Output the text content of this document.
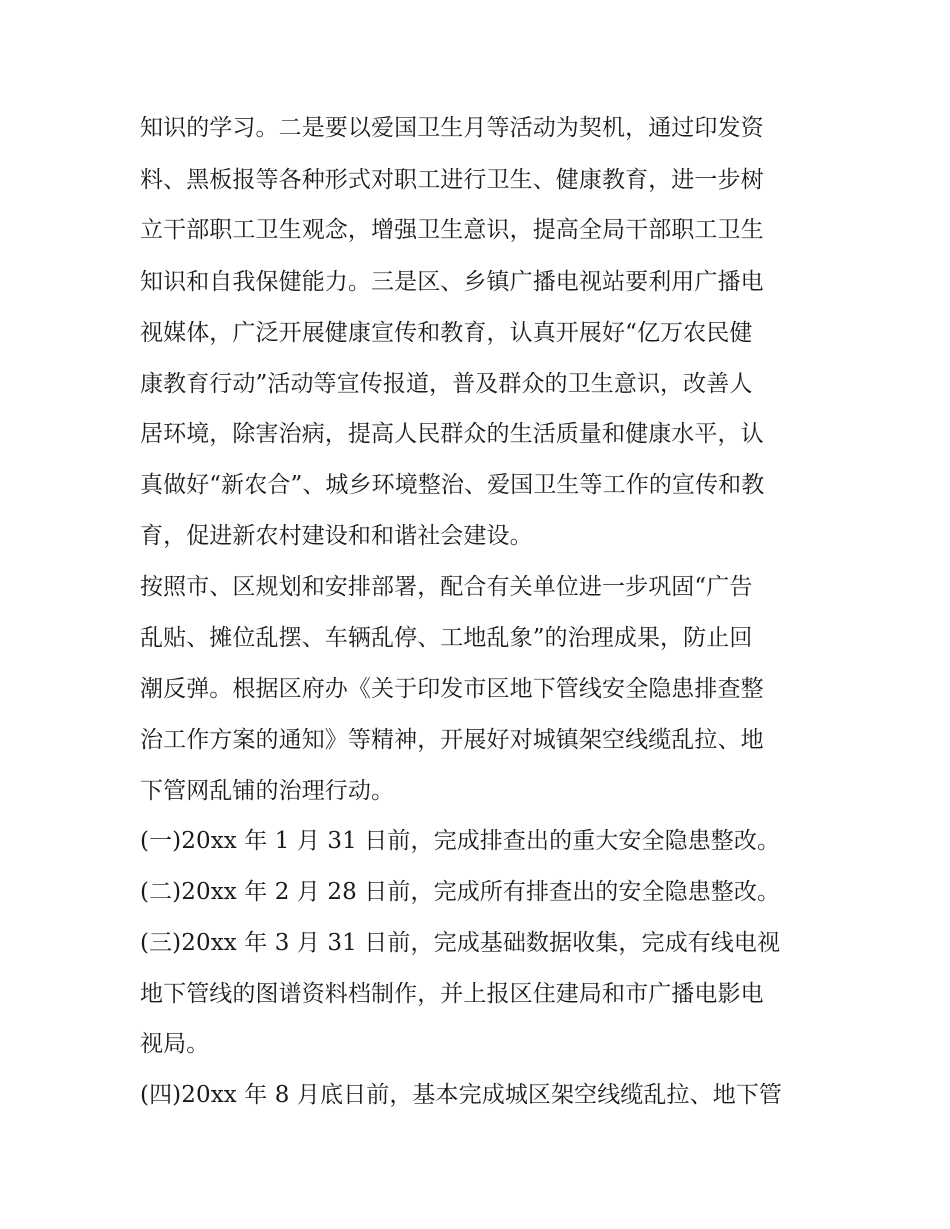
知识的学习。二是要以爱国卫生月等活动为契机，通过印发资
料、黑板报等各种形式对职工进行卫生、健康教育，进一步树
立干部职工卫生观念，增强卫生意识，提高全局干部职工卫生
知识和自我保健能力。三是区、乡镇广播电视站要利用广播电
视媒体，广泛开展健康宣传和教育，认真开展好“亿万农民健
康教育行动”活动等宣传报道，普及群众的卫生意识，改善人
居环境，除害治病，提高人民群众的生活质量和健康水平，认
真做好“新农合”、城乡环境整治、爱国卫生等工作的宣传和教
育，促进新农村建设和和谐社会建设。
按照市、区规划和安排部署，配合有关单位进一步巩固“广告
乱贴、摊位乱摆、车辆乱停、工地乱象”的治理成果，防止回
潮反弹。根据区府办《关于印发市区地下管线安全隐患排查整
治工作方案的通知》等精神，开展好对城镇架空线缆乱拉、地
下管网乱铺的治理行动。
(一)20xx 年 1 月 31 日前，完成排查出的重大安全隐患整改。
(二)20xx 年 2 月 28 日前，完成所有排查出的安全隐患整改。
(三)20xx 年 3 月 31 日前，完成基础数据收集，完成有线电视
地下管线的图谱资料档制作，并上报区住建局和市广播电影电
视局。
(四)20xx 年 8 月底日前，基本完成城区架空线缆乱拉、地下管
